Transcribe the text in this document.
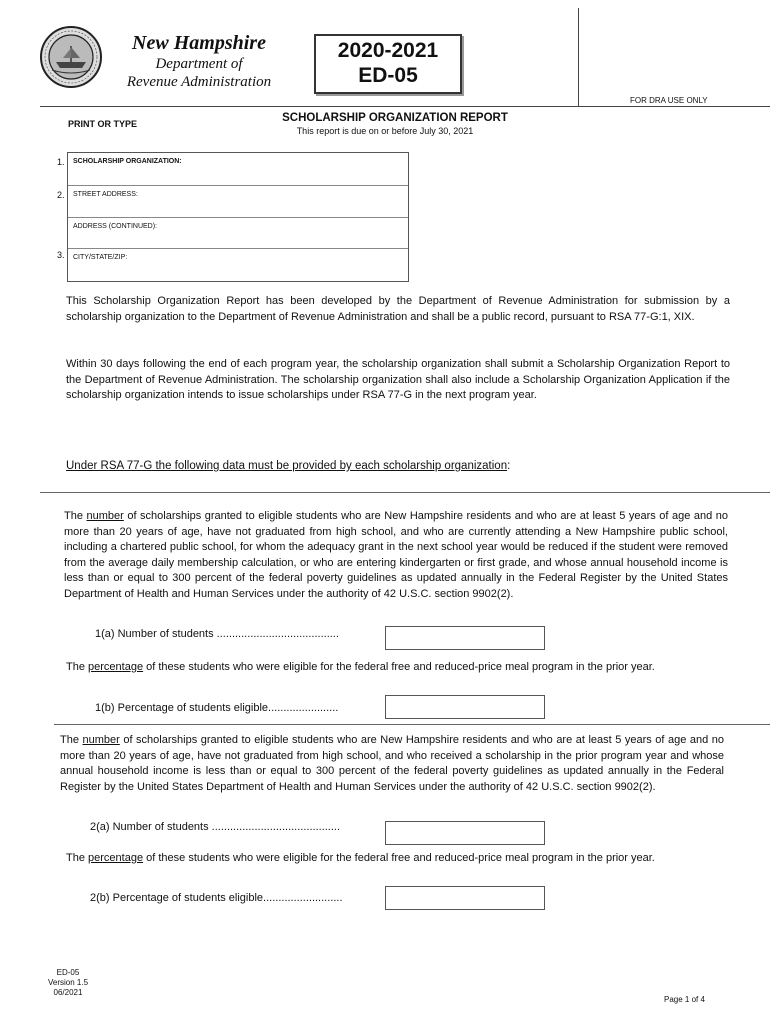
New Hampshire
Department of
Revenue Administration
2020-2021
ED-05
FOR DRA USE ONLY
PRINT OR TYPE	SCHOLARSHIP ORGANIZATION REPORT
This report is due on or before July 30, 2021
1.
2.
3.
SCHOLARSHIP ORGANIZATION:
STREET ADDRESS:
ADDRESS (CONTINUED):
CITY/STATE/ZIP:
This Scholarship Organization Report has been developed by the Department of Revenue Administration for submission by a scholarship organization to the Department of Revenue Administration and shall be a public record, pursuant to RSA 77-G:1, XIX.
Within 30 days following the end of each program year, the scholarship organization shall submit a Scholarship Organization Report to the Department of Revenue Administration. The scholarship organization shall also include a Scholarship Organization Application if the scholarship organization intends to issue scholarships under RSA 77-G in the next program year.
Under RSA 77-G the following data must be provided by each scholarship organization:
The number of scholarships granted to eligible students who are New Hampshire residents and who are at least 5 years of age and no more than 20 years of age, have not graduated from high school, and who are currently attending a New Hampshire public school, including a chartered public school, for whom the adequacy grant in the next school year would be reduced if the student were removed from the average daily membership calculation, or who are entering kindergarten or first grade, and whose annual household income is less than or equal to 300 percent of the federal poverty guidelines as updated annually in the Federal Register by the United States Department of Health and Human Services under the authority of 42 U.S.C. section 9902(2).
1(a) Number of students ........................................
The percentage of these students who were eligible for the federal free and reduced-price meal program in the prior year.
1(b) Percentage of students eligible.......................
The number of scholarships granted to eligible students who are New Hampshire residents and who are at least 5 years of age and no more than 20 years of age, have not graduated from high school, and who received a scholarship in the prior program year and whose annual household income is less than or equal to 300 percent of the federal poverty guidelines as updated annually in the Federal Register by the United States Department of Health and Human Services under the authority of 42 U.S.C. section 9902(2).
2(a) Number of students ..........................................
The percentage of these students who were eligible for the federal free and reduced-price meal program in the prior year.
2(b) Percentage of students eligible..........................
ED-05
Version 1.5 06/2021
Page 1 of 4
